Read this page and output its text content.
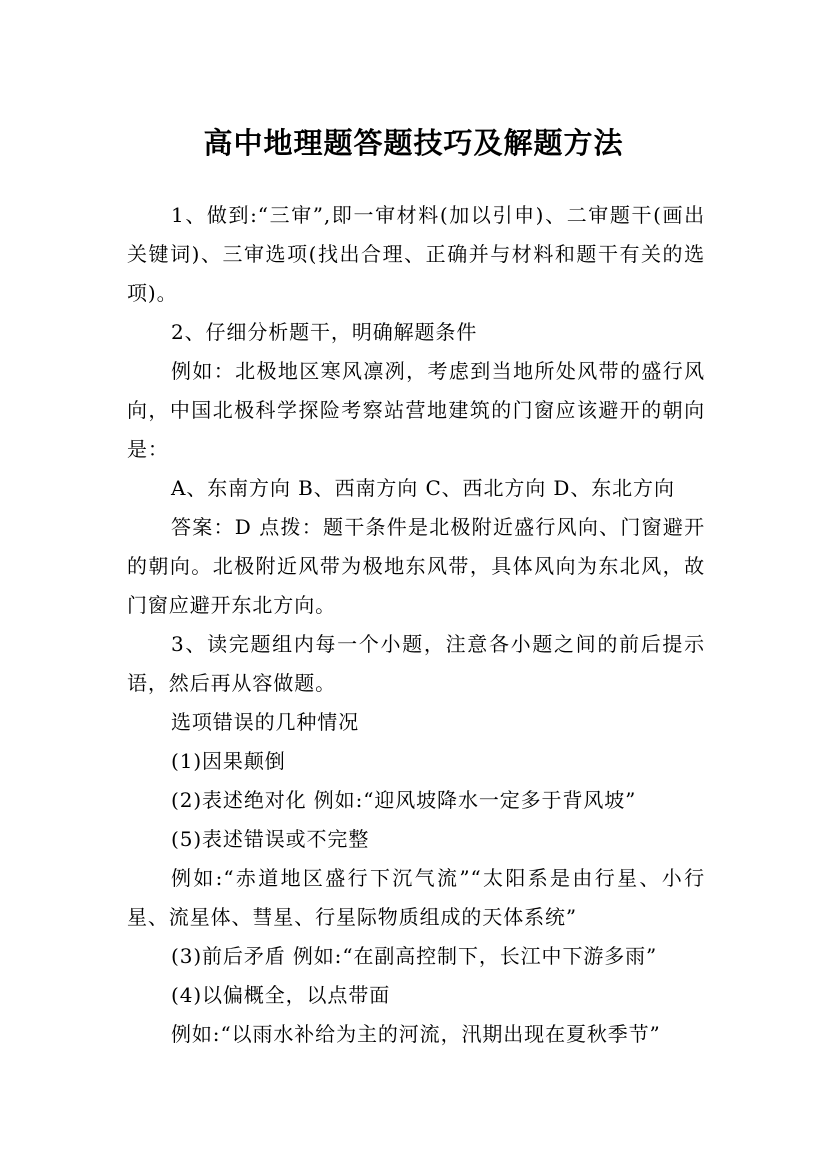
高中地理题答题技巧及解题方法

1、做到:“三审”,即一审材料(加以引申)、二审题干(画出关键词)、三审选项(找出合理、正确并与材料和题干有关的选项)。

2、仔细分析题干，明确解题条件

例如：北极地区寒风凛冽，考虑到当地所处风带的盛行风向，中国北极科学探险考察站营地建筑的门窗应该避开的朝向是：

A、东南方向 B、西南方向 C、西北方向 D、东北方向

答案：D 点拨：题干条件是北极附近盛行风向、门窗避开的朝向。北极附近风带为极地东风带，具体风向为东北风，故门窗应避开东北方向。

3、读完题组内每一个小题，注意各小题之间的前后提示语，然后再从容做题。

选项错误的几种情况

(1)因果颠倒

(2)表述绝对化 例如:“迎风坡降水一定多于背风坡”

(5)表述错误或不完整

例如:“赤道地区盛行下沉气流”“太阳系是由行星、小行星、流星体、彗星、行星际物质组成的天体系统”

(3)前后矛盾 例如:“在副高控制下，长江中下游多雨”

(4)以偏概全，以点带面

例如:“以雨水补给为主的河流，汛期出现在夏秋季节”
